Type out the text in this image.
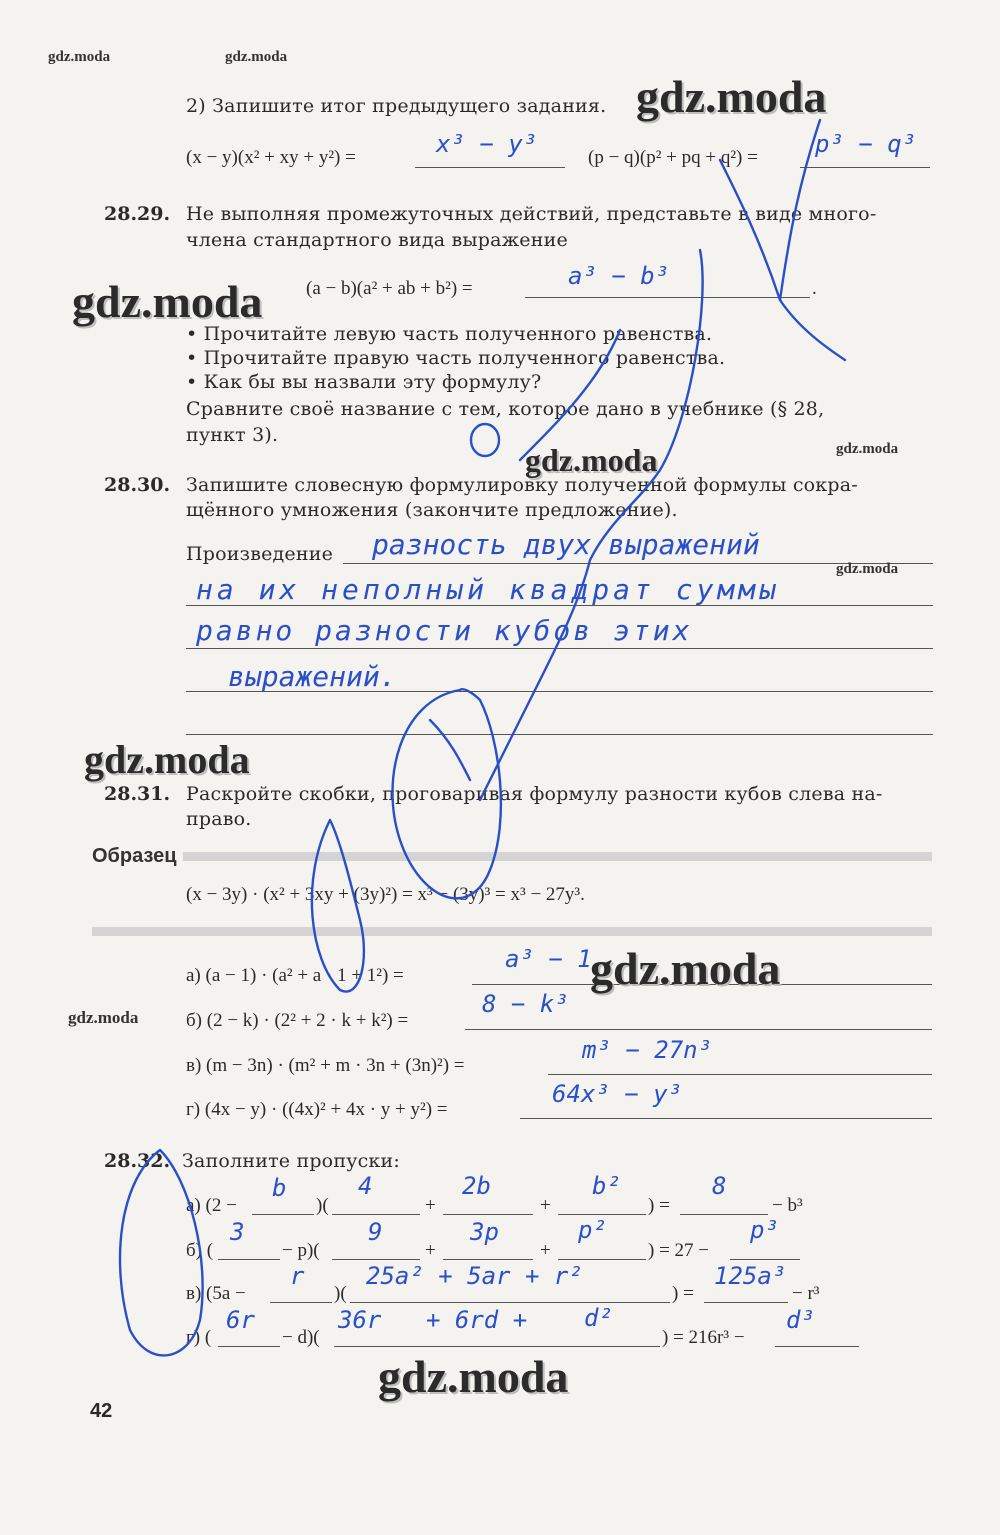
gdz.moda	gdz.moda
2) Запишите итог предыдущего задания. gdz.moda
(x − y)(x² + xy + y²) =	x³ − y³	(p − q)(p² + pq + q²) = p³ − q³
28.29. Не выполняя промежуточных действий, представьте в виде много-
члена стандартного вида выражение
gdz.moda (a − b)(a² + ab + b²) =	.
a³ − b³
• Прочитайте левую часть полученного равенства.
• Прочитайте правую часть полученного равенства.
• Как бы вы назвали эту формулу?
Сравните своё название с тем, которое дано в учебнике (§ 28,
пункт 3).
gdz.moda
gdz.moda
28.30. Запишите словесную формулировку полученной формулы сокра-
щённого умножения (закончите предложение).
Произведение разность двух выражений
на их неполный квадрат суммы
равно разности кубов этих
выражений.
gdz.moda
gdz.moda
28.31. Раскройте скобки, проговаривая формулу разности кубов слева на-
право.
Образец
(x − 3y) · (x² + 3xy + (3y)²) = x³ − (3y)³ = x³ − 27y³.
а) (a − 1) · (a² + a · 1 + 1²) =
a³ − 1
gdz.moda
gdz.moda	б) (2 − k) · (2² + 2 · k + k²) =
8 − k³
в) (m − 3n) · (m² + m · 3n + (3n)²) =
m³ − 27n³
г) (4x − y) · ((4x)² + 4x · y + y²) =
64x³ − y³
28.32. Заполните пропуски:
а) (2 −	)(	+	+	) =	− b³
b	4	2b	b²	8
б) (	− p)(	+	+	) = 27 −
3	9	3p	p²	p³
в) (5a −	)(	) =	− r³
r	25a² + 5ar + r²	125a³
г) (	− d)(	) = 216r³ −
6r	36r + 6rd + d²	d³
gdz.moda
42
